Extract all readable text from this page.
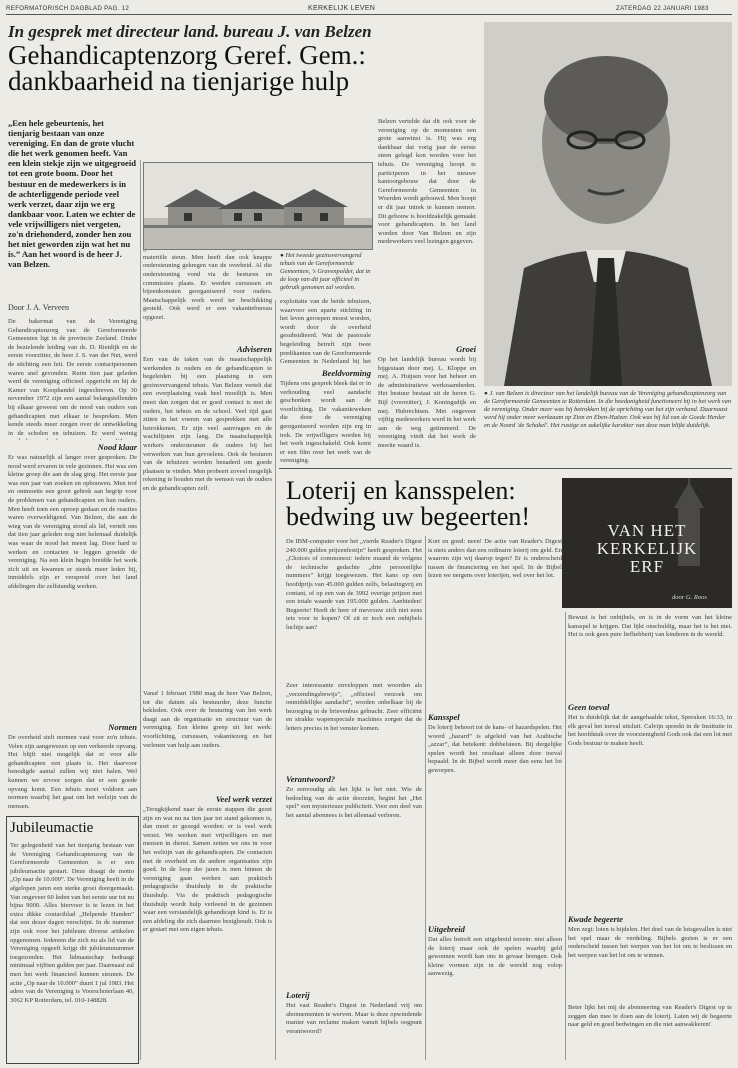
REFORMATORISCH DAGBLAD PAG. 12	KERKELIJK LEVEN	ZATERDAG 22 JANUARI 1983
In gesprek met directeur land. bureau J. van Belzen
Gehandicaptenzorg Geref. Gem.:
dankbaarheid na tienjarige hulp
„Een hele gebeurtenis, het tienjarig bestaan van onze vereniging. En dan de grote vlucht die het werk genomen heeft. Van een klein stekje zijn we uitgegroeid tot een grote boom. Door het bestuur en de medewerkers is in de achterliggende periode veel werk verzet, daar zijn we erg dankbaar voor. Laten we echter de vele vrijwilligers niet vergeten, zo'n driehonderd, zonder hen zou het niet geworden zijn wat het nu is.” Aan het woord is de heer J. van Belzen.
Door J. A. Verveen
De bakermat van de Vereniging Gehandicaptenzorg van de Gereformeerde Gemeenten ligt in de provincie Zeeland. Onder de bezielende leiding van ds. D. Rietdijk en de eerste voorzitter, de heer J. S. van der Net, werd de stichting een feit. De eerste contactpersonen waren snel gevonden. Ruim tien jaar geleden werd de vereniging officieel opgericht en bij de Kamer van Koophandel ingeschreven. Op 30 november 1972 zijn een aantal belangstellenden bij elkaar geweest om de nood van ouders van gehandicapten met elkaar te bespreken. Men kende steeds meer zorgen over de ontwikkeling in de scholen en tehuizen. Er werd weinig
Nood klaar
Er was natuurlijk al langer over gesproken. De nood werd ervaren in vele gezinnen. Het was een kleine groep die aan de slag ging. Het eerste jaar was een jaar van zoeken en opbouwen. Men trof en ontmoette een groot gebrek aan begrip voor de problemen van gehandicapten en hun ouders. Men heeft toen een oproep gedaan en de reacties waren overweldigend. Van Belzen, die aan de wieg van de vereniging stond als lid, vertelt ons dat tien jaar geleden nog niet helemaal duidelijk was waar de nood het meest lag. Door hard te werken en contacten te leggen groeide de vereniging. Na een klein begin breidde het werk zich uit en kwamen er steeds meer leden bij, inmiddels zijn er verspreid over het land afdelingen die zelfstandig werken.
Normen
De overheid stelt normen vast voor zo'n tehuis. Velen zijn aangewezen op een verkeerde opvang. Het blijft niet mogelijk dat er voor alle gehandicapten een plaats is. Het daarvoor benodigde aantal zullen wij niet halen. Wel kunnen we ervoor zorgen dat er een goede opvang komt. Een tehuis moet voldoen aan normen waarbij het gaat om het welzijn van de mensen.
Jubileumactie
Ter gelegenheid van het tienjarig bestaan van de Vereniging Gehandicaptenzorg van de Gereformeerde Gemeenten is er een jubileumactie gestart. Deze draagt de motto „Op naar de 10.000”. De Vereniging heeft in de afgelopen jaren een sterke groei doorgemaakt. Van ongeveer 60 leden van het eerste uur tot nu bijna 9000. Alles hiervoor is te lezen in het extra dikke contactblad „Helpende Handen” dat een dezer dagen verschijnt. In de nummer zijn ook voor het jubileum diverse artikelen opgenomen. Iedereen die zich nu als lid van de Vereniging opgeeft krijgt dit jubileumnummer toegezonden. Het lidmaatschap bedraagt minimaal vijftien gulden per jaar. Daarnaast zal men het werk financieel kunnen steunen. De actie „Op naar de 10.000” duurt 1 jul 1983. Het adres van de Vereniging is Voorschoterlaan 40, 3062 KP Rotterdam, tel. 010-148828.
materiële steun. Men heeft dan ook knappe ondersteuning gekregen van de overheid. Al die ondersteuning vond via de besturen en commissies plaats. Er werden cursussen en bijeenkomsten georganiseerd voor ouders. Maatschappelijk werk werd ter beschikking gesteld. Ook werd er een vakantiebureau opgezet.
Adviseren
Een van de taken van de maatschappelijk werkenden is ouders en de gehandicapten te begeleiden bij een plaatsing in een gezinsvervangend tehuis. Van Belzen vertelt dat een overplaatsing vaak heel moeilijk is. Men moet dan zorgen dat er goed contact is met de ouders, het tehuis en de school. Veel tijd gaat zitten in het voeren van gesprekken met alle betrokkenen. Er zijn veel aanvragen en de wachtlijsten zijn lang. De maatschappelijk werkers ondersteunen de ouders bij het verwerken van hun gevoelens. Ook de besturen van de tehuizen worden benaderd om goede plaatsen te vinden. Men probeert zoveel mogelijk rekening te houden met de wensen van de ouders en de gehandicapten zelf.
Vanaf 1 februari 1980 mag de heer Van Belzen, tot die datum als bestuurder, deze functie bekleden. Ook over de besturing van het werk daagt aan de organisatie en structuur van de vereniging. Een kleine greep uit het werk: voorlichting, cursussen, vakantiezorg en het verlenen van hulp aan ouders.
Veel werk verzet
„Terugkijkend naar de eerste stappen die gezet zijn en wat nu na tien jaar tot stand gekomen is, dan moet er gezegd worden: er is veel werk verzet. We werken met vrijwilligers en met mensen in dienst. Samen zetten we ons in voor het welzijn van de gehandicapten. De contacten met de overheid en de andere organisaties zijn goed. In de loop der jaren is men binnen de vereniging gaan werken aan praktisch pedagogische thuishulp in de praktische thuishulp. Via de praktisch pedagogische thuishulp wordt hulp verleend in de gezinnen waar een verstandelijk gehandicapt kind is. Er is een afdeling die zich daarmee bezighoudt. Ook is er gestart met een eigen tehuis.
● Het tweede gezinsvervangend tehuis van de Gereformeerde Gemeenten, 's Gravenpolder, dat in de loop van dit jaar officieel in gebruik genomen zal worden.
exploitatie van de beide tehuizen, waarvoor een aparte stichting in het leven geroepen moest worden, wordt door de overheid gesubsidieerd. Wat de pastorale begeleiding betreft zijn twee predikanten van de Gereformeerde Gemeenten in Nederland bij het
Beeldvorming
Tijdens ons gesprek bleek dat er in verhouding veel aandacht geschonken wordt aan de voorlichting. De vakantieweken die door de vereniging georganiseerd worden zijn erg in trek. De vrijwilligers worden bij het werk ingeschakeld. Ook komt er een film over het werk van de vereniging.
Belzen vertelde dat dit ook voor de vereniging op de momenten een grote aanwinst is. Hij was erg dankbaar dat vorig jaar de eerste steen gelegd kon worden voor het tehuis. De vereniging hoopt te participeren in het nieuwe kantoorgebouw dat door de Gereformeerde Gemeenten in Woerden wordt gebouwd. Men hoopt er dit jaar intrek te kunnen nemen. Dit gebouw is hoofdzakelijk gemaakt voor gehandicapten. In het land worden door Van Belzen en zijn medewerkers veel lezingen gegeven.
Groei
Op het landelijk bureau wordt bij bijgestaan door mej. L. Kloppe en mej. A. Huijsen voor het beheer en de administratieve werkzaamheden. Het bestuur bestaat uit de heren G. Bijl (voorzitter), J. Koningsdijk en mej. Hubrechtsen. Met ongeveer vijftig medewerkers werd in het werk aan de weg getimmerd. De vereniging vindt dat het werk de moeite waard is.
● J. van Belzen is directeur van het landelijk bureau van de Vereniging gehandicaptenzorg van de Gereformeerde Gemeenten te Rotterdam. In die hoedanigheid functioneert hij in het werk van de vereniging. Onder meer was hij betrokken bij de oprichting van het zijn verband. Daarnaast werd hij onder meer werkzaam op Zion en Eben-Haëzer. Ook was hij lid van de Goede Herder en de Noord 'de Schakel'. Het rustige en zakelijke karakter van deze man blijkt duidelijk.
Loterij en kansspelen:
bedwing uw begeerten!	VAN HET
KERKELIJK
ERF
door G. Roos
De IBM-computer voor het „vierde Reader's Digest 240.000 gulden prijzenfestijn” heeft gesproken. Het „Choices of commonest: iedere maand de volgens de technische gedachte „drie persoonlijke nummers” krijgt toegewezen. Het kans op een hoofdprijs van 45.000 gulden zelfs, belastingvrij en contant, of op een van de 3992 overige prijzen met een totale waarde van 195.000 gulden. Aanbieden! Begeerte! Heeft de heer of mevrouw zich niet eens iets voor te kopen? Of zit er toch een onbijbels luchtje aan?
Zeer interessante enveloppen met woorden als „verzendingsbewijs”, „officieel verzoek om onmiddellijke aandacht”, worden onbelkaar bij de bezorging in de brievenbus gebracht. Zeer efficiënt en strakke wapenspeciale machines zorgen dat de letters precies in het venster komen.
Verantwoord?
Zo eenvoudig als het lijkt is het niet. Wie de bedoeling van de actie doorziet, begint het „Het spel” een mysterieuze publiciteit. Voor een deel van het aantal abonnees is het allemaal verloren.
Loterij
Het vast Reader's Digest in Nederland vrij om abonnementen te werven. Maar is deze opwindende manier van reclame maken vanuit bijbels oogpunt verantwoord?
Kort en goed: neen! De actie van Reader's Digest is niets anders dan een ordinaire loterij om geld. En waarom zijn wij daarop tegen? Er is onderscheid tussen de financiering en het spel. In de Bijbel lezen we nergens over loterijen, wel over het lot.
Kansspel
De loterij behoort tot de kans- of hazardspelen. Het woord „hazard” is afgeleid van het Arabische „azzar”, dat betekent: dobbelsteen. Bij dergelijke spelen wordt het resultaat alleen door toeval bepaald. In de Bijbel wordt meer dan eens het lot geworpen.
Uitgebreid
Dat alles betreft een uitgebreid terrein: niet alleen de loterij maar ook de spelen waarbij geld gewonnen wordt kan ons in gevaar brengen. Ook kleine vormen zijn in de wereld nog volop aanwezig.
Bewust is het onbijbels, en is in de vorm van het kleine kansspel te krijgen. Dat lijkt onschuldig, maar het is het niet. Het is ook geen pure liefhebberij van kinderen in de wereld.
Geen toeval
Het is duidelijk dat de aangehaalde tekst, Spreuken 16:33, in elk geval het toeval uitsluit. Calvijn spreekt in de Institutie in het hoofdstuk over de voorzienigheid Gods ook dat een lot met Gods bestuur te maken heeft.
Kwade begeerte
Men zegt: loten is bijdelen. Het doel van de lotsgevallen is niet het spel maar de verdeling. Bijbels gezien is er een onderscheid tussen het werpen van het lot om te beslissen en het werpen van het lot om te winnen.
Beter lijkt het mij de abonneering van Reader's Digest op te zeggen dan mee te doen aan de loterij. Laten wij de begeerte naar geld en goed bedwingen en die niet aanwakkeren!
